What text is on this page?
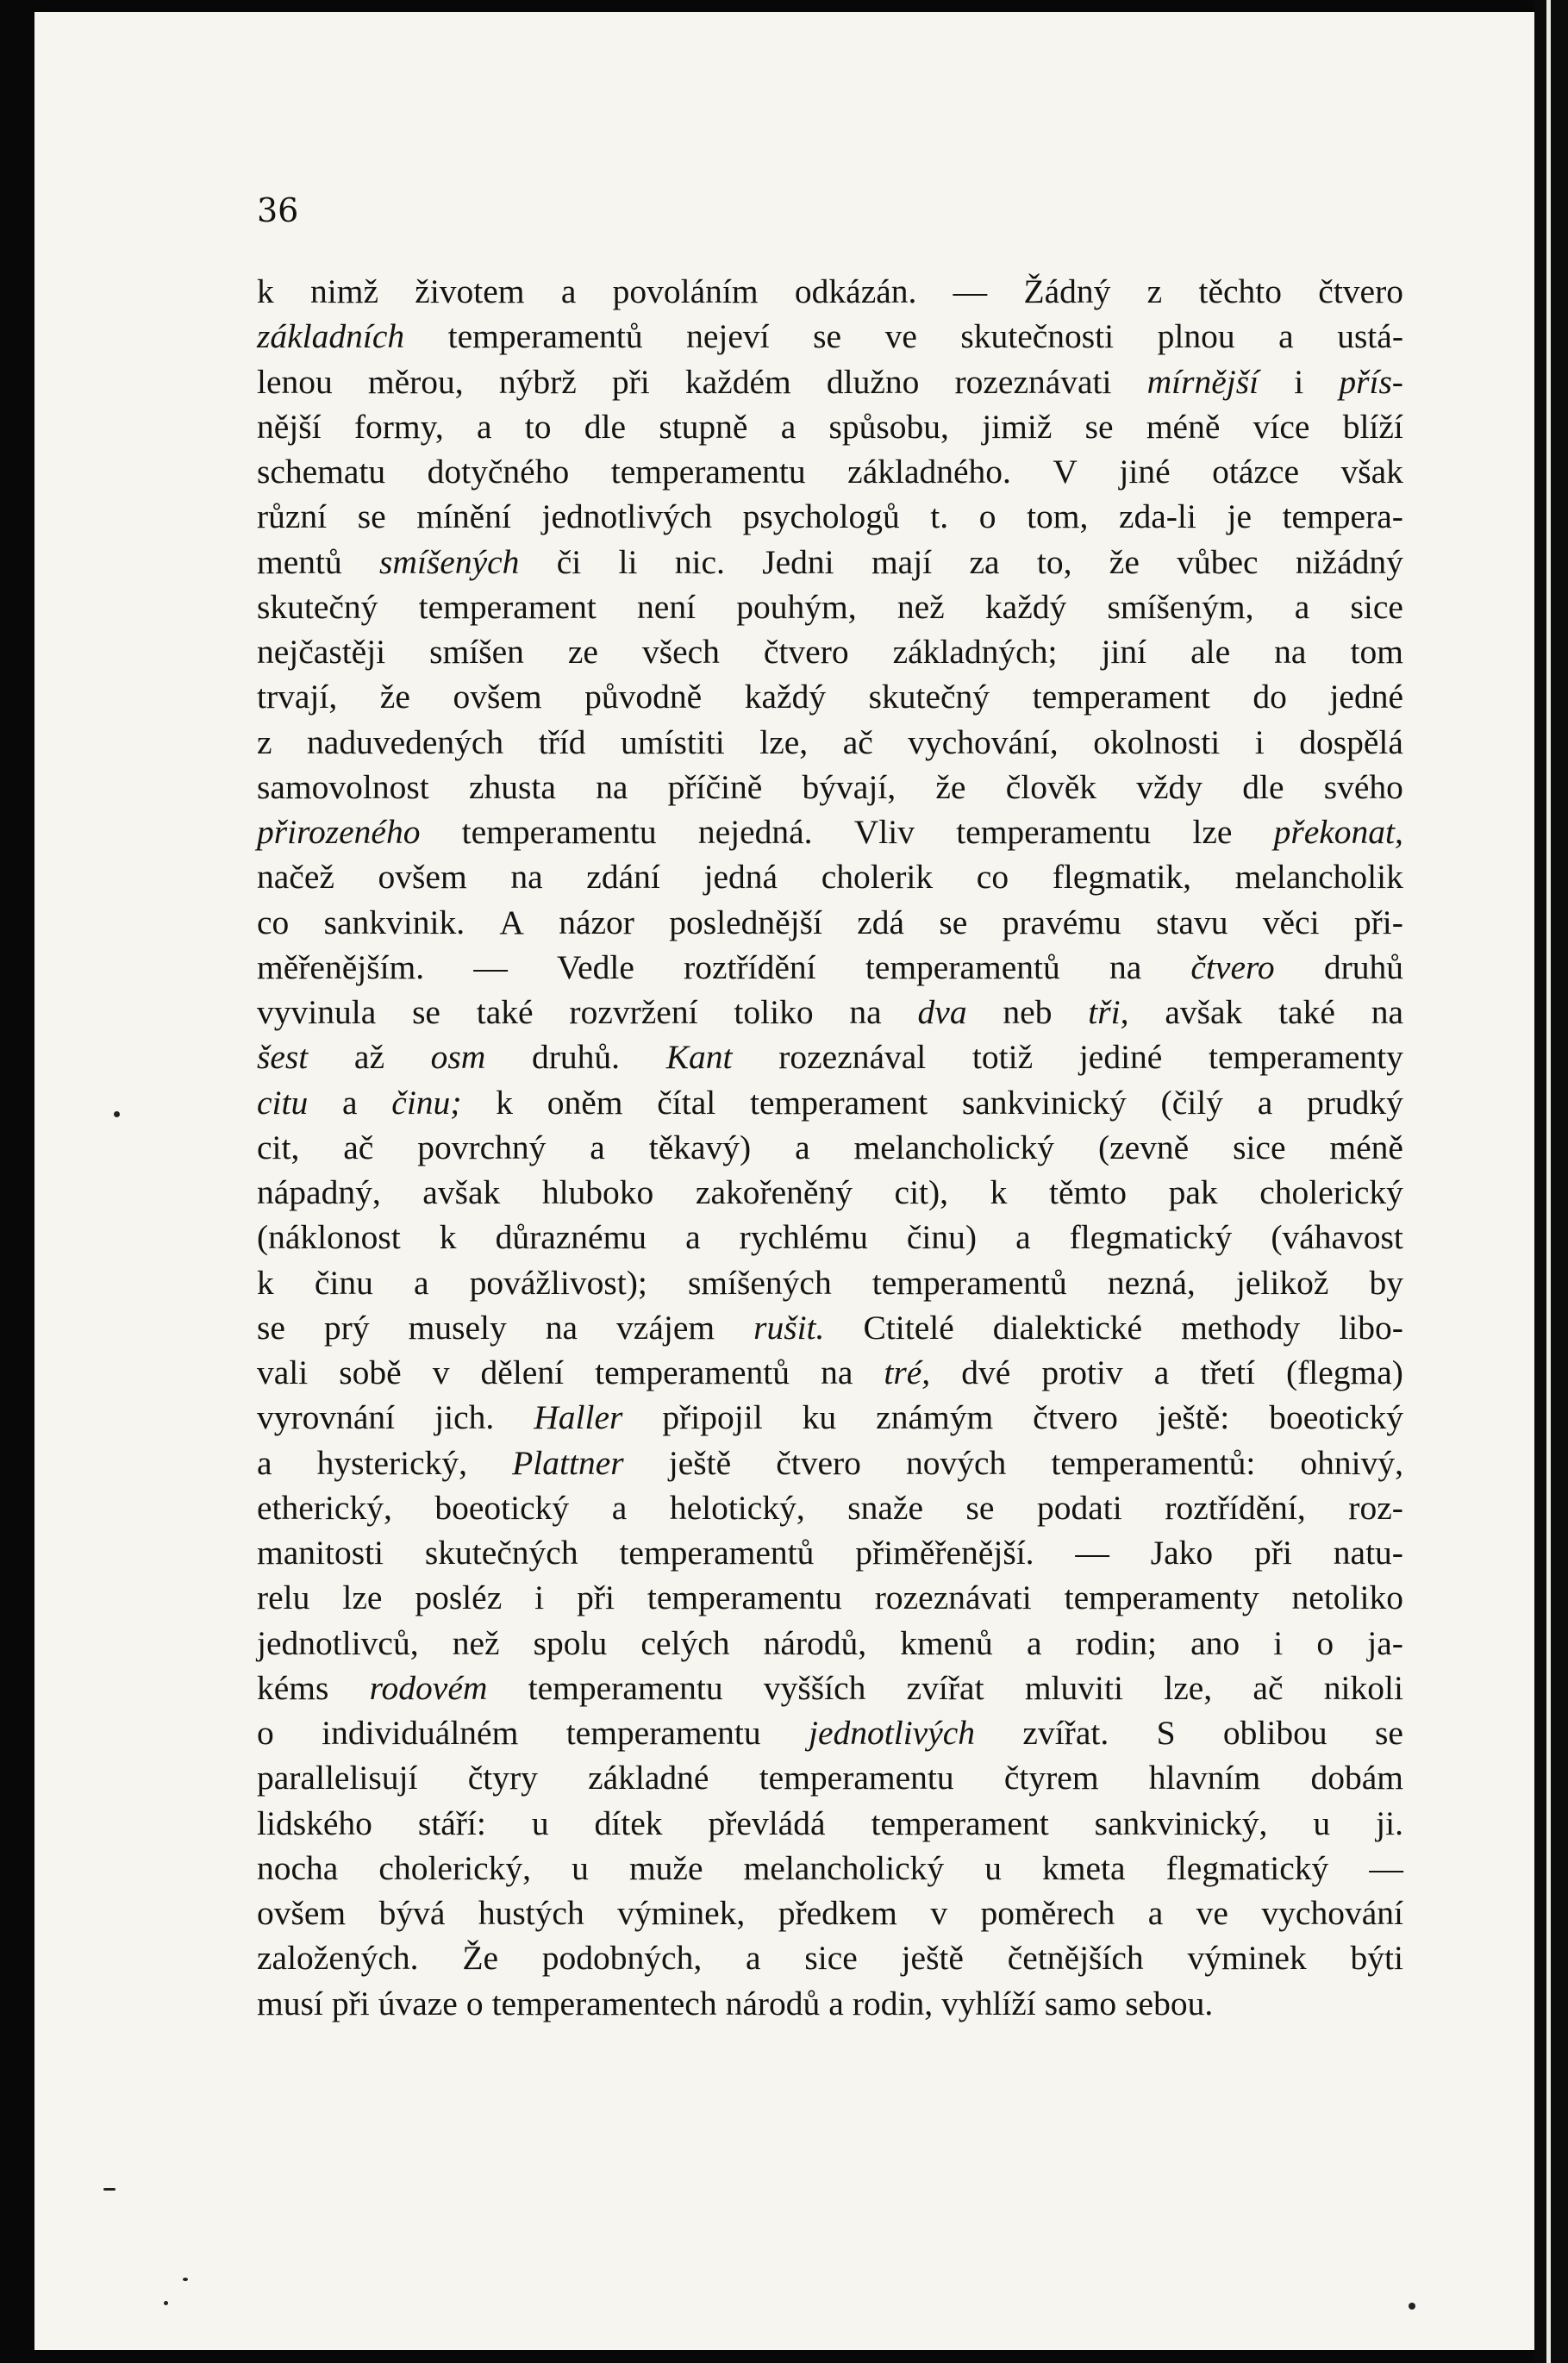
36
k nimž životem a povoláním odkázán. — Žádný z těchto čtvero
základních temperamentů nejeví se ve skutečnosti plnou a ustá-
lenou měrou, nýbrž při každém dlužno rozeznávati mírnější i přís-
nější formy, a to dle stupně a spůsobu, jimiž se méně více blíží
schematu dotyčného temperamentu základného. V jiné otázce však
různí se mínění jednotlivých psychologů t. o tom, zda-li je tempera-
mentů smíšených či li nic. Jedni mají za to, že vůbec nižádný
skutečný temperament není pouhým, než každý smíšeným, a sice
nejčastěji smíšen ze všech čtvero základných; jiní ale na tom
trvají, že ovšem původně každý skutečný temperament do jedné
z naduvedených tříd umístiti lze, ač vychování, okolnosti i dospělá
samovolnost zhusta na příčině bývají, že člověk vždy dle svého
přirozeného temperamentu nejedná. Vliv temperamentu lze překonat,
načež ovšem na zdání jedná cholerik co flegmatik, melancholik
co sankvinik. A názor poslednější zdá se pravému stavu věci při-
měřenějším. — Vedle roztřídění temperamentů na čtvero druhů
vyvinula se také rozvržení toliko na dva neb tři, avšak také na
šest až osm druhů. Kant rozeznával totiž jediné temperamenty
citu a činu; k oněm čítal temperament sankvinický (čilý a prudký
cit, ač povrchný a těkavý) a melancholický (zevně sice méně
nápadný, avšak hluboko zakořeněný cit), k těmto pak cholerický
(náklonost k důraznému a rychlému činu) a flegmatický (váhavost
k činu a povážlivost); smíšených temperamentů nezná, jelikož by
se prý musely na vzájem rušit. Ctitelé dialektické methody libo-
vali sobě v dělení temperamentů na tré, dvé protiv a třetí (flegma)
vyrovnání jich. Haller připojil ku známým čtvero ještě: boeotický
a hysterický, Plattner ještě čtvero nových temperamentů: ohnivý,
etherický, boeotický a helotický, snaže se podati roztřídění, roz-
manitosti skutečných temperamentů přiměřenější. — Jako při natu-
relu lze posléz i při temperamentu rozeznávati temperamenty netoliko
jednotlivců, než spolu celých národů, kmenů a rodin; ano i o ja-
kéms rodovém temperamentu vyšších zvířat mluviti lze, ač nikoli
o individuálném temperamentu jednotlivých zvířat. S oblibou se
parallelisují čtyry základné temperamentu čtyrem hlavním dobám
lidského stáří: u dítek převládá temperament sankvinický, u ji.
nocha cholerický, u muže melancholický u kmeta flegmatický —
ovšem bývá hustých výminek, předkem v poměrech a ve vychování
založených. Že podobných, a sice ještě četnějších výminek býti
musí při úvaze o temperamentech národů a rodin, vyhlíží samo sebou.
